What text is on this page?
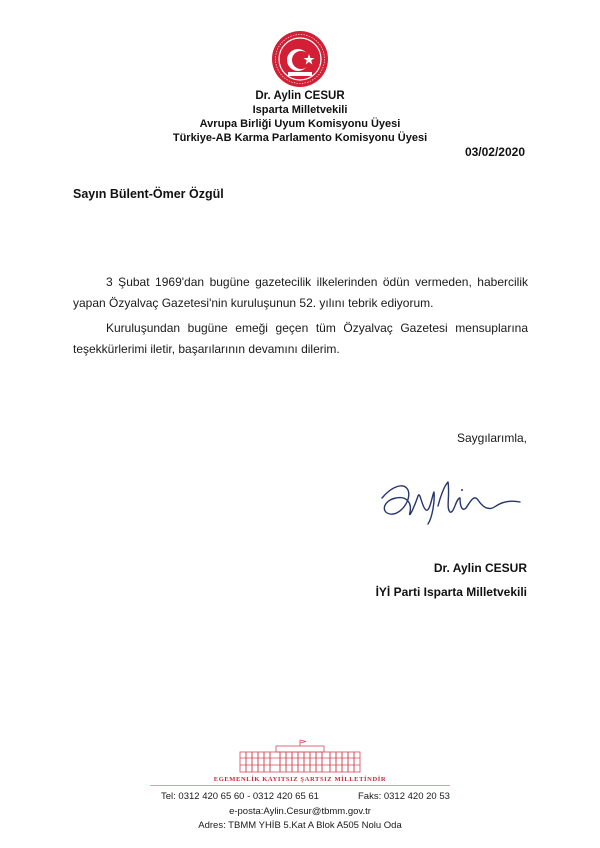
Dr. Aylin CESUR
Isparta Milletvekili
Avrupa Birliği Uyum Komisyonu Üyesi
Türkiye-AB Karma Parlamento Komisyonu Üyesi
03/02/2020
Sayın Bülent-Ömer Özgül
3 Şubat 1969'dan bugüne gazetecilik ilkelerinden ödün vermeden, habercilik yapan Özyalvaç Gazetesi'nin kuruluşunun 52. yılını tebrik ediyorum.
Kuruluşundan bugüne emeği geçen tüm Özyalvaç Gazetesi mensuplarına teşekkürlerimi iletir, başarılarının devamını dilerim.
Saygılarımla,
Dr. Aylin CESUR
İYİ Parti Isparta Milletvekili
EGEMENLİK KAYITSIZ ŞARTSIZ MİLLETİNDİR
Tel: 0312 420 65 60 - 0312 420 65 61	Faks: 0312 420 20 53
e-posta:Aylin.Cesur@tbmm.gov.tr
Adres: TBMM YHİB 5.Kat A Blok A505 Nolu Oda
